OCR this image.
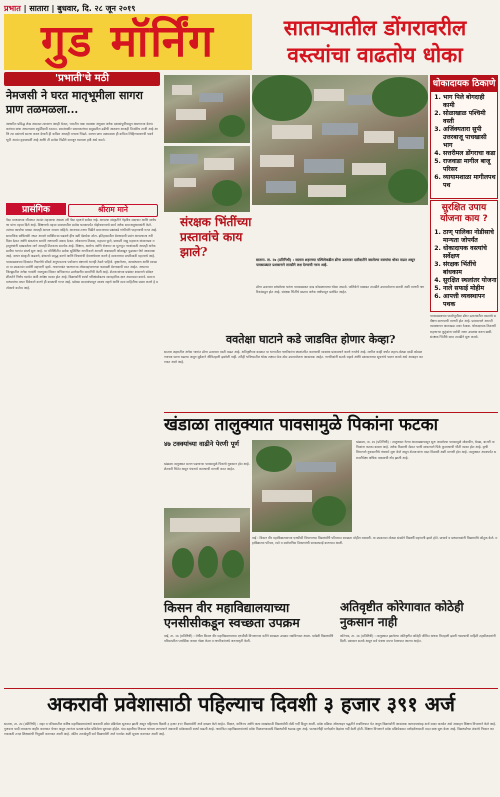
प्रभात | सातारा | बुधवार, दि. २८ जून २०१९
गुड मॉर्निंग	साताऱ्यातील डोंगरावरील वस्त्यांचा वाढतोय धोका
'प्रभाती'चे मठी
नेमजसी ने घरत मातृभूमीला सागरा प्राण तळमळला...
आधारित प्रसिद्ध लेख असतात त्यावरुन आम्ही घेतात, भारतीय पाक व्यवस्था अनुसार अनेक दशकांपूर्वीपासून असणाऱ्या देशभक्तांच्या कथा आपल्याला स्फूर्तिदायी ठरतात. स्वातंत्र्यवीर सावरकरांच्या समुद्रातील उडीची आठवण आजही तितकीच ताजी आहे आणि त्या प्रसंगाचे स्मरण करुन देणारी ही कविता आजही मनाला भिडते. सागरा प्राण तळमळला ही कविता लिहिण्यामागची पार्श्वभूमी अत्यंत हृदयस्पर्शी आहे आणि ती प्रत्येक पिढीने समजून घ्यायला हवी असे वाटते.
प्रासंगिक	श्रीराम माने
पैसा माणसाच्या जीवनात अत्यंत महत्त्वाचा असला तरी पैसा म्हणजे सर्वस्व नव्हे. आपल्या संस्कृतीने नेहमीच सदाचार आणि साधेपणा यांना महत्त्व दिले आहे. शिक्षणाचे महत्त्व समाजातील प्रत्येक घटकापर्यंत पोहोचवण्याचे कार्य अनेक समाजसुधारकांनी केले. त्यांच्या कार्याचा वारसा आजही आपण जपला पाहिजे. आजच्या तरुण पिढीने समाजाच्या प्रश्नांकडे गांभीर्याने पाहण्याची गरज आहे. सामाजिक बांधिलकी जपत आपले व्यक्तिमत्त्व घडवणे हीच खरी देशसेवा ठरेल. इतिहासातील प्रेरणादायी प्रसंग आपल्याला नवी दिशा देतात आणि संकटांना सामोरे जाण्याची ताकद देतात. लोकमान्य टिळक, महात्मा फुले, छत्रपती शाहू महाराज यांसारख्या महापुरुषांनी दाखवलेला मार्ग आजही तितकाच समर्पक आहे. शिक्षण, आरोग्य आणि रोजगार या मूलभूत गरजांसाठी आजही अनेक ग्रामीण भागांत संघर्ष सुरू आहे. या परिस्थितीत प्रत्येक सुशिक्षित नागरिकाने आपली जबाबदारी ओळखून पुढाकार घेणे आवश्यक आहे. वाचन संस्कृती वाढवणे, ग्रंथालये समृद्ध करणे आणि विचारांची देवाणघेवाण करणे हे समाजाच्या प्रगतीसाठी महत्त्वाचे आहे. पावसाळ्याच्या दिवसांत निसर्गाचे सौंदर्य अनुभवताना पर्यावरण रक्षणाचे भानही ठेवले पाहिजे. वृक्षारोपण, जलसंधारण आणि स्वच्छता या उपक्रमांत सर्वांनी सहभागी व्हावे. गावागावांत चालणाऱ्या लोकसहभागाच्या चळवळी प्रेरणादायी ठरत आहेत. आपल्या जिल्ह्यातील अनेक गावांनी जलयुक्त शिवार अभियानात उल्लेखनीय कामगिरी केली आहे. शेतकऱ्यांच्या प्रश्नांवर शासनाने संवेदनशीलतेने निर्णय घ्यावेत अशी अपेक्षा व्यक्त होत आहे. विद्यार्थ्यांनी स्पर्धा परीक्षांसोबतच व्यावहारिक ज्ञान आत्मसात करावे. समाजमाध्यमांचा वापर विवेकाने करणे ही काळाची गरज आहे. खोट्या बातम्यांपासून सावध राहणे आणि सत्य माहितीचा प्रसार करणे हे प्रत्येकाचे कर्तव्य आहे.
सातारा. ता. २७ (प्रतिनिधी) : सातारा शहराच्या पश्चिमेकडील डोंगर उतारावर दाटीवाटीने वसलेल्या वस्त्यांचा धोका वाढत असून पावसाळ्यात प्रशासनाने तातडीने लक्ष देण्याची गरज आहे.
संरक्षक भिंतींच्या प्रस्तावांचे काय झाले?
डोंगर उतारावर बांधलेल्या घरांना पावसाळ्यात दरड कोसळण्याचा धोका असतो. पालिकेने याबाबत तातडीने उपाययोजना करावी अशी मागणी नागरिकांकडून होत आहे. संरक्षक भिंतींचे प्रस्ताव अनेक वर्षांपासून प्रलंबित आहेत.
ववतेक्षा घाटाने कडे जाडवित होणार केव्हा?
सातारा शहरातील अनेक भागांत डोंगर उतारावर वस्ती वाढत आहे. अतिवृष्टीच्या काळात या भागातील नागरिकांना स्थलांतरित करण्याची व्यवस्था प्रशासनाने करणे गरजेचे आहे. मागील काही वर्षांत लहान-मोठ्या दरडी कोसळण्याच्या घटना घडल्या असून सुदैवाने जीवितहानी झालेली नाही. तरीही भविष्यातील धोका लक्षात घेता ठोस उपाययोजना आवश्यक आहेत. नागरिकांनी सतर्क राहावे आणि प्रशासनाच्या सूचनांचे पालन करावे असे आवाहन करण्यात आले आहे.
धोकादायक ठिकाणे
1. भाग पिले बोगदाही कामी
2. सोळाखाळ पश्चिमी वस्ती
3. अजिंक्यतारा सुपी उत्तरबाजू पाचखासी भाग
4. सत्तरीमल डोंगराचा कडा
5. राजवाडा मागील बाजू परिसर
6. व्यायामशाळा मागीलपथ पथ
सुरक्षित उपाय योजना काय ?
1. ठाण् पालिका नोडीसाचे मान्यता जोपर्यंत
2. धोकादायक वस्त्यांचे सर्वेक्षण
3. संरक्षक भिंतींचे बांधकाम
4. सुरक्षित स्थलांतर योजना
5. नाले सफाई मोहीम
6. आपत्ती व्यवस्थापन पथक
पावसाळ्याच्या पार्श्वभूमीवर डोंगर उतारावरील वस्त्यांचे सर्वेक्षण करण्याची मागणी होत आहे. प्रशासनाने आपत्ती व्यवस्थापन आराखडा तयार ठेवावा. धोकादायक ठिकाणी राहणाऱ्या कुटुंबांना पर्यायी जागा उपलब्ध करुन द्यावी. संरक्षक भिंतींचे काम तातडीने सुरू करावे.
खंडाळा तालुक्यात पावसामुळे पिकांना फटका
४७ टक्क्यांच्या वाढीने पेरणी पूर्ण
खंडाळा तालुक्यात सलग पडणाऱ्या पावसामुळे पिकांचे नुकसान होत आहे. शेतकरी चिंतेत असून पंचनामे करण्याची मागणी करत आहेत.
खंडाळा, ता. २७ (प्रतिनिधी) : तालुक्यात गेल्या आठवड्यापासून सुरू असलेल्या पावसामुळे सोयाबीन, घेवडा, बाजरी या पिकांना फटका बसला आहे. अनेक ठिकाणी शेतात पाणी साचल्याने पिके कुजण्याची भीती व्यक्त होत आहे. कृषी विभागाने नुकसानीचे पंचनामे सुरू केले असून शेतकऱ्यांना मदत मिळावी अशी मागणी होत आहे. तालुक्यात आतापर्यंत सरासरीपेक्षा अधिक पावसाची नोंद झाली आहे.
वाई : किसन वीर महाविद्यालयाच्या एनसीसी विभागाच्या विद्यार्थ्यांनी परिसरात स्वच्छता मोहीम राबवली. या उपक्रमात मोठ्या संख्येने विद्यार्थी सहभागी झाले होते. प्राचार्य व प्राध्यापकांनी विद्यार्थ्यांचे कौतुक केले. महाविद्यालय परिसर, रस्ते व सार्वजनिक ठिकाणांची साफसफाई करण्यात आली.
किसन वीर महाविद्यालयाच्या एनसीसीकडून स्वच्छता उपक्रम
वाई, ता. २७ (प्रतिनिधी) : येथील किसन वीर महाविद्यालयाच्या एनसीसी विभागाच्या वतीने स्वच्छता उपक्रम राबविण्यात आला. यावेळी विद्यार्थ्यांनी परिसरातील प्लास्टिक कचरा गोळा केला व नागरिकांमध्ये जनजागृती केली.
अतिवृष्टीत कोरेगावात कोठेही नुकसान नाही
कोरेगाव, ता. २७ (प्रतिनिधी) : तालुक्यात झालेल्या अतिवृष्टीत कोठेही जीवित अथवा वित्तहानी झाली नसल्याची माहिती तहसीलदारांनी दिली. प्रशासन सतर्क असून सर्व यंत्रणा सज्ज ठेवण्यात आल्या आहेत.
अकरावी प्रवेशासाठी पहिल्याच दिवशी ३ हजार ३९१ अर्ज
सातारा, ता. २७ (प्रतिनिधी) : शहर व परिसरातील कनिष्ठ महाविद्यालयांमध्ये अकरावी प्रवेश प्रक्रियेला सुरुवात झाली असून पहिल्याच दिवशी ३ हजार ३९१ विद्यार्थ्यांनी अर्ज दाखल केले आहेत. विज्ञान, वाणिज्य आणि कला शाखांसाठी विद्यार्थ्यांची मोठी गर्दी दिसून आली. प्रवेश प्रक्रिया ऑनलाइन पद्धतीने राबविण्यात येत असून विद्यार्थ्यांनी आवश्यक कागदपत्रांसह अर्ज सादर करावेत असे आवाहन शिक्षण विभागाने केले आहे. गुणवत्ता यादी लवकरच जाहीर करण्यात येणार असून त्यानंतर प्रत्यक्ष प्रवेश प्रक्रियेला सुरुवात होईल. यंदा दहावीचा निकाल चांगला लागल्याने अकरावी प्रवेशासाठी स्पर्धा वाढली आहे. नामांकित महाविद्यालयांमध्ये प्रवेश मिळवण्यासाठी विद्यार्थ्यांची धडपड सुरू आहे. पालकांनीही मार्गदर्शन केंद्रांवर गर्दी केली होती. शिक्षण विभागाने प्रवेश प्रक्रियेबाबत मार्गदर्शनासाठी मदत कक्ष सुरू केला आहे. विद्यार्थ्यांच्या शंकांचे निरसन करण्यासाठी तज्ज्ञ शिक्षकांची नियुक्ती करण्यात आली आहे. अंतिम तारखेपूर्वी सर्व विद्यार्थ्यांनी अर्ज भरावेत अशी सूचना करण्यात आली आहे.
